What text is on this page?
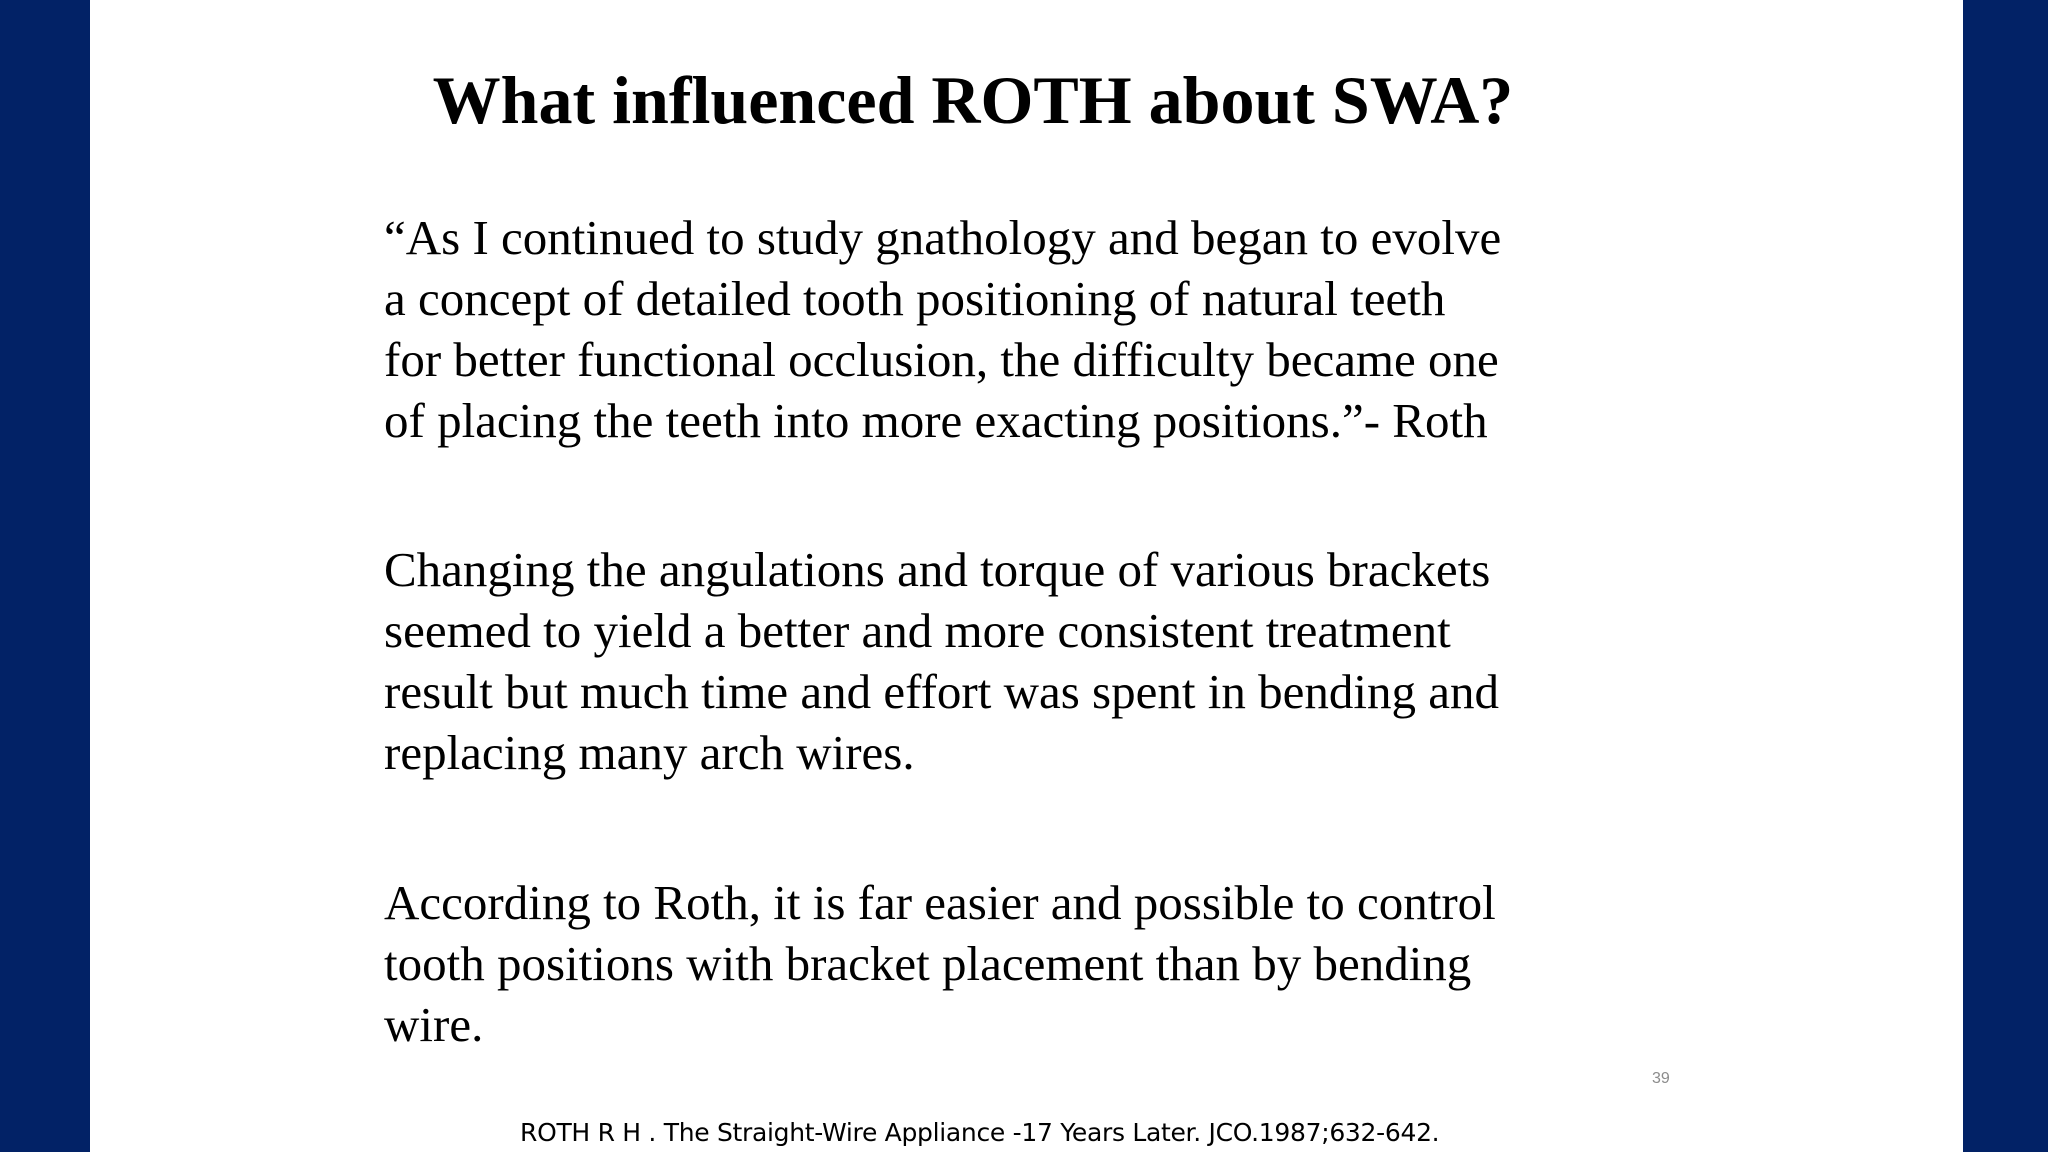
What influenced ROTH about SWA?
“As I continued to study gnathology and began to evolve
a concept of detailed tooth positioning of natural teeth
for better functional occlusion, the difficulty became one
of placing the teeth into more exacting positions.”- Roth
Changing the angulations and torque of various brackets
seemed to yield a better and more consistent treatment
result but much time and effort was spent in bending and
replacing many arch wires.
According to Roth, it is far easier and possible to control
tooth positions with bracket placement than by bending
wire.
39
ROTH R H . The Straight-Wire Appliance -17 Years Later. JCO.1987;632-642.
